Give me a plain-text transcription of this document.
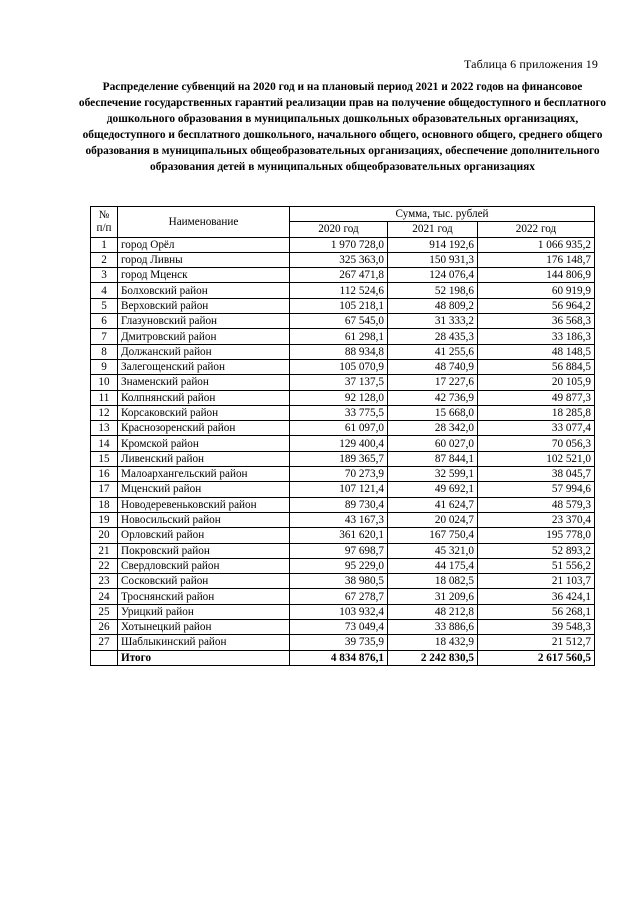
Таблица 6 приложения 19
Распределение субвенций на 2020 год и на плановый период 2021 и 2022 годов на финансовое обеспечение государственных гарантий реализации прав на получение общедоступного и бесплатного дошкольного образования в муниципальных дошкольных образовательных организациях, общедоступного и бесплатного дошкольного, начального общего, основного общего, среднего общего образования в муниципальных общеобразовательных организациях, обеспечение дополнительного образования детей в муниципальных общеобразовательных организациях
№
п/п	Наименование	Сумма, тыс. рублей		
		2020 год	2021 год	2022 год
1	город Орёл	1 970 728,0	914 192,6	1 066 935,2
2	город Ливны	325 363,0	150 931,3	176 148,7
3	город Мценск	267 471,8	124 076,4	144 806,9
4	Болховский район	112 524,6	52 198,6	60 919,9
5	Верховский район	105 218,1	48 809,2	56 964,2
6	Глазуновский район	67 545,0	31 333,2	36 568,3
7	Дмитровский район	61 298,1	28 435,3	33 186,3
8	Должанский район	88 934,8	41 255,6	48 148,5
9	Залегощенский район	105 070,9	48 740,9	56 884,5
10	Знаменский район	37 137,5	17 227,6	20 105,9
11	Колпнянский район	92 128,0	42 736,9	49 877,3
12	Корсаковский район	33 775,5	15 668,0	18 285,8
13	Краснозоренский район	61 097,0	28 342,0	33 077,4
14	Кромской район	129 400,4	60 027,0	70 056,3
15	Ливенский район	189 365,7	87 844,1	102 521,0
16	Малоархангельский район	70 273,9	32 599,1	38 045,7
17	Мценский район	107 121,4	49 692,1	57 994,6
18	Новодеревеньковский район	89 730,4	41 624,7	48 579,3
19	Новосильский район	43 167,3	20 024,7	23 370,4
20	Орловский район	361 620,1	167 750,4	195 778,0
21	Покровский район	97 698,7	45 321,0	52 893,2
22	Свердловский район	95 229,0	44 175,4	51 556,2
23	Сосковский район	38 980,5	18 082,5	21 103,7
24	Троснянский район	67 278,7	31 209,6	36 424,1
25	Урицкий район	103 932,4	48 212,8	56 268,1
26	Хотынецкий район	73 049,4	33 886,6	39 548,3
27	Шаблыкинский район	39 735,9	18 432,9	21 512,7
	Итого	4 834 876,1	2 242 830,5	2 617 560,5
